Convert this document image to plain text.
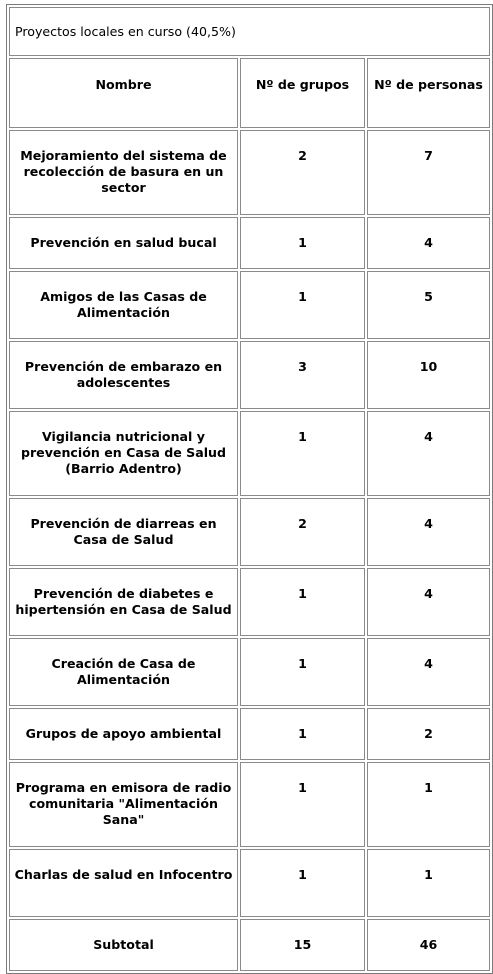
Proyectos locales en curso (40,5%)		
Nombre	Nº de grupos	Nº de personas
Mejoramiento del sistema de recolección de basura en un sector	2	7
Prevención en salud bucal	1	4
Amigos de las Casas de Alimentación	1	5
Prevención de embarazo en adolescentes	3	10
Vigilancia nutricional y prevención en Casa de Salud (Barrio Adentro)	1	4
Prevención de diarreas en Casa de Salud	2	4
Prevención de diabetes e hipertensión en Casa de Salud	1	4
Creación de Casa de Alimentación	1	4
Grupos de apoyo ambiental	1	2
Programa en emisora de radio comunitaria "Alimentación Sana"	1	1
Charlas de salud en Infocentro	1	1
Subtotal	15	46
